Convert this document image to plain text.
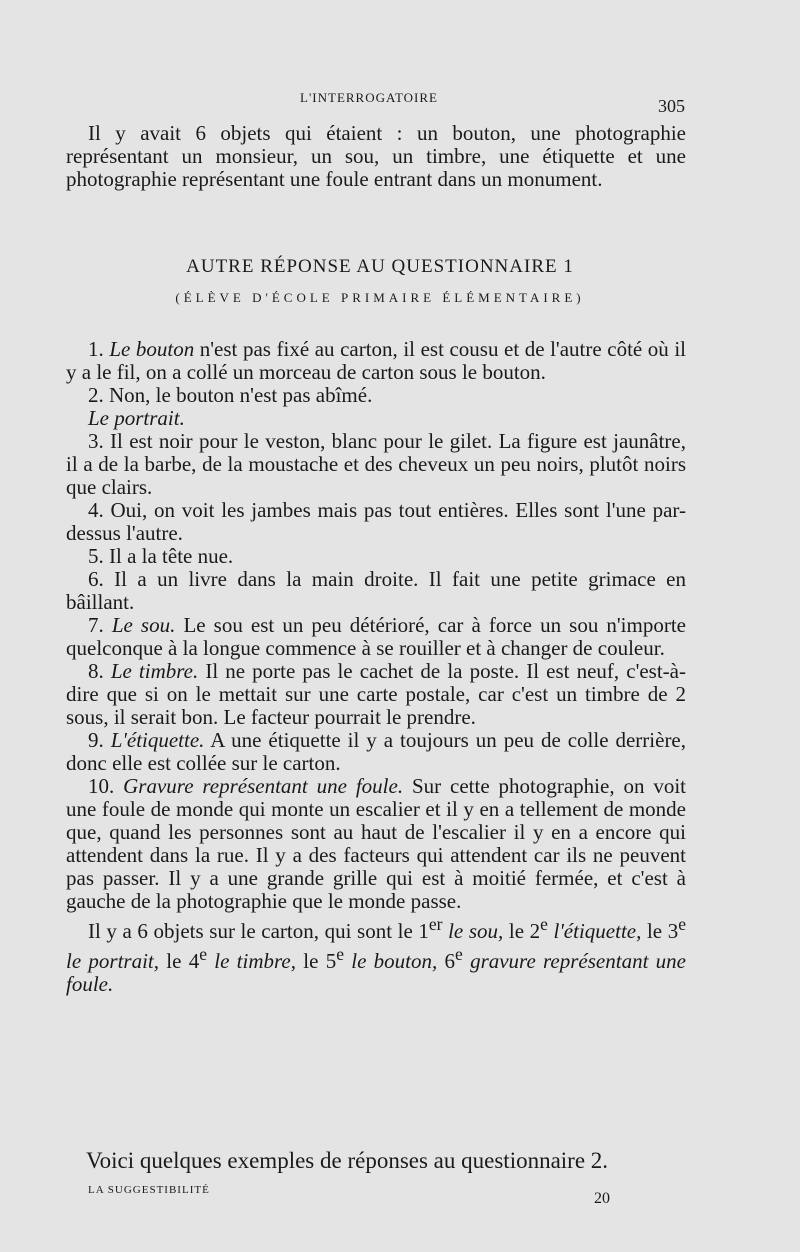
L'INTERROGATOIRE	305

Il y avait 6 objets qui étaient : un bouton, une photographie représentant un monsieur, un sou, un timbre, une étiquette et une photographie représentant une foule entrant dans un monument.

AUTRE RÉPONSE AU QUESTIONNAIRE 1
(ÉLÈVE D'ÉCOLE PRIMAIRE ÉLÉMENTAIRE)

1. Le bouton n'est pas fixé au carton, il est cousu et de l'autre côté où il y a le fil, on a collé un morceau de carton sous le bouton.

2. Non, le bouton n'est pas abîmé.

Le portrait.

3. Il est noir pour le veston, blanc pour le gilet. La figure est jaunâtre, il a de la barbe, de la moustache et des cheveux un peu noirs, plutôt noirs que clairs.

4. Oui, on voit les jambes mais pas tout entières. Elles sont l'une par-dessus l'autre.

5. Il a la tête nue.

6. Il a un livre dans la main droite. Il fait une petite grimace en bâillant.

7. Le sou. Le sou est un peu détérioré, car à force un sou n'importe quelconque à la longue commence à se rouiller et à changer de couleur.

8. Le timbre. Il ne porte pas le cachet de la poste. Il est neuf, c'est-à-dire que si on le mettait sur une carte postale, car c'est un timbre de 2 sous, il serait bon. Le facteur pourrait le prendre.

9. L'étiquette. A une étiquette il y a toujours un peu de colle derrière, donc elle est collée sur le carton.

10. Gravure représentant une foule. Sur cette photographie, on voit une foule de monde qui monte un escalier et il y en a tellement de monde que, quand les personnes sont au haut de l'escalier il y en a encore qui attendent dans la rue. Il y a des facteurs qui attendent car ils ne peuvent pas passer. Il y a une grande grille qui est à moitié fermée, et c'est à gauche de la photographie que le monde passe.

Il y a 6 objets sur le carton, qui sont le 1er le sou, le 2e l'étiquette, le 3e le portrait, le 4e le timbre, le 5e le bouton, 6e gravure représentant une foule.

Voici quelques exemples de réponses au questionnaire 2.
LA SUGGESTIBILITÉ	20
